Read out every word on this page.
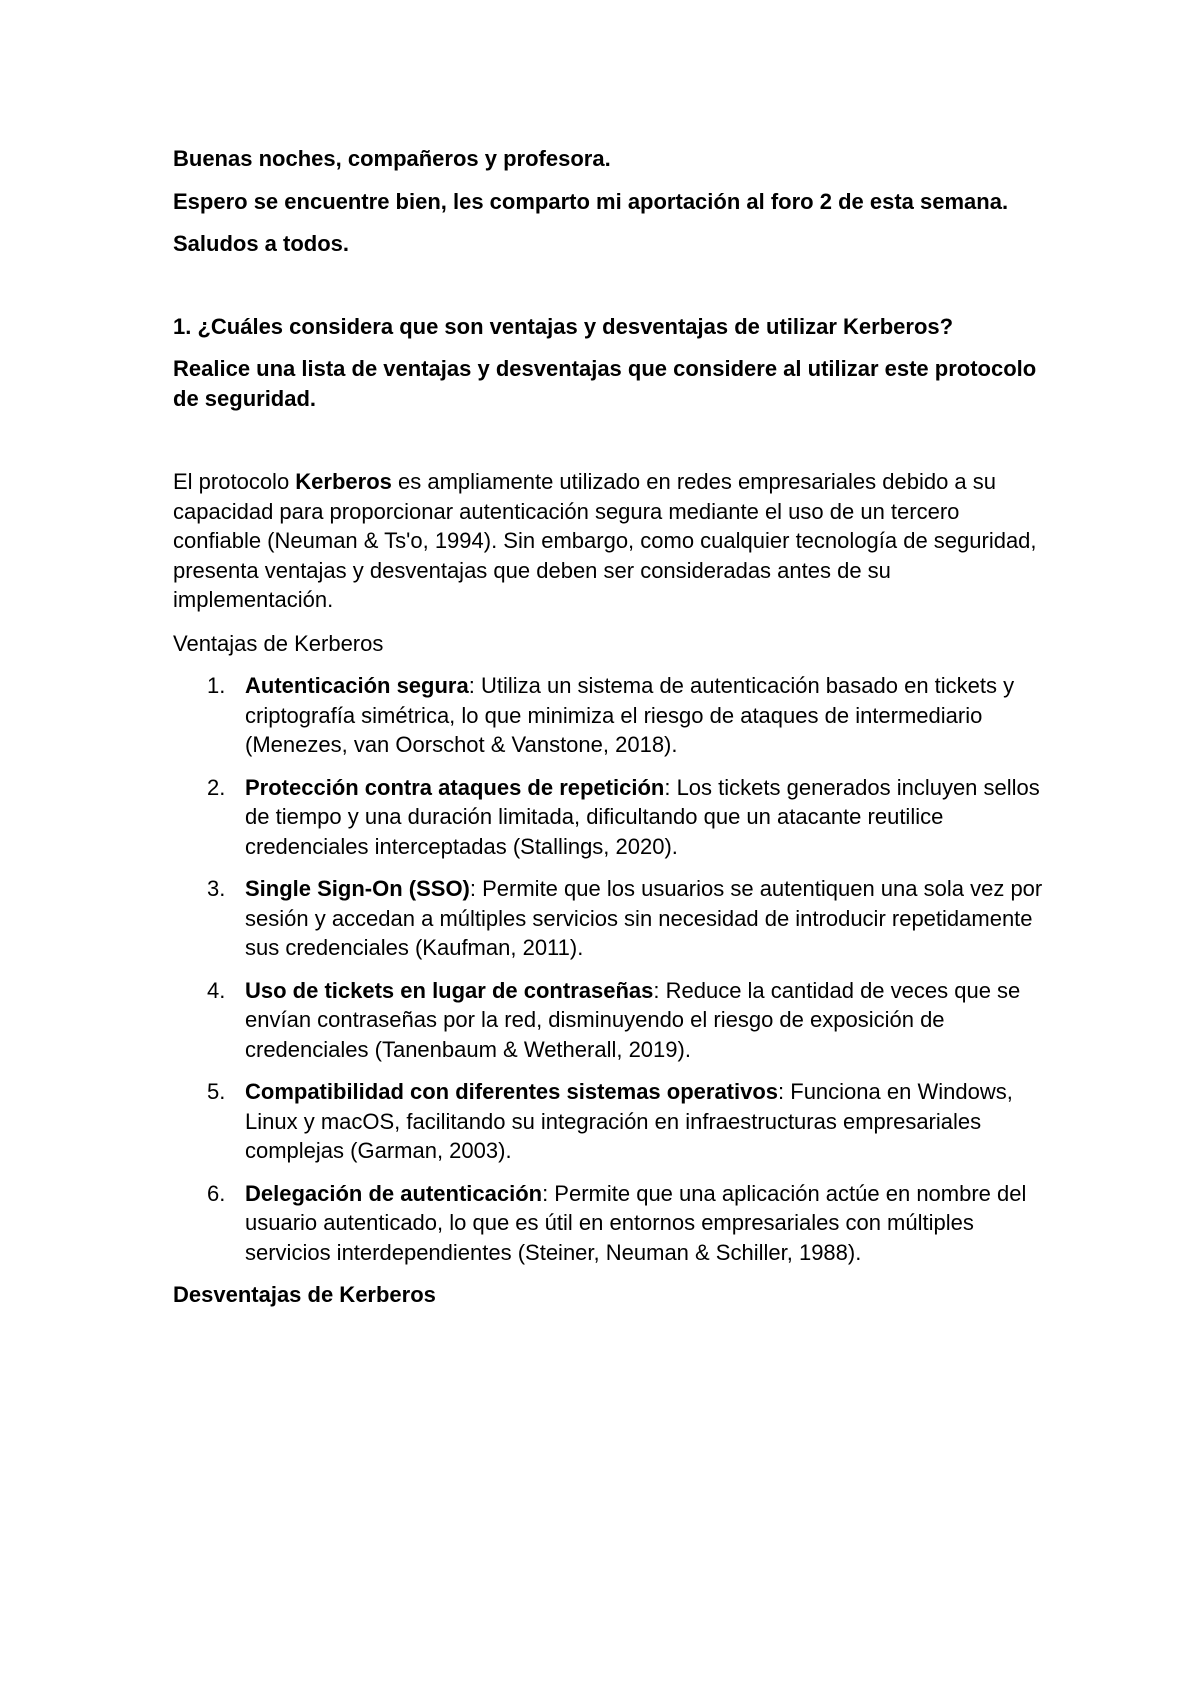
Buenas noches, compañeros y profesora.

Espero se encuentre bien, les comparto mi aportación al foro 2 de esta semana.

Saludos a todos.

1. ¿Cuáles considera que son ventajas y desventajas de utilizar Kerberos?

Realice una lista de ventajas y desventajas que considere al utilizar este protocolo de seguridad.

El protocolo Kerberos es ampliamente utilizado en redes empresariales debido a su capacidad para proporcionar autenticación segura mediante el uso de un tercero confiable (Neuman & Ts'o, 1994). Sin embargo, como cualquier tecnología de seguridad, presenta ventajas y desventajas que deben ser consideradas antes de su implementación.

Ventajas de Kerberos

1. Autenticación segura: Utiliza un sistema de autenticación basado en tickets y criptografía simétrica, lo que minimiza el riesgo de ataques de intermediario (Menezes, van Oorschot & Vanstone, 2018).
2. Protección contra ataques de repetición: Los tickets generados incluyen sellos de tiempo y una duración limitada, dificultando que un atacante reutilice credenciales interceptadas (Stallings, 2020).
3. Single Sign-On (SSO): Permite que los usuarios se autentiquen una sola vez por sesión y accedan a múltiples servicios sin necesidad de introducir repetidamente sus credenciales (Kaufman, 2011).
4. Uso de tickets en lugar de contraseñas: Reduce la cantidad de veces que se envían contraseñas por la red, disminuyendo el riesgo de exposición de credenciales (Tanenbaum & Wetherall, 2019).
5. Compatibilidad con diferentes sistemas operativos: Funciona en Windows, Linux y macOS, facilitando su integración en infraestructuras empresariales complejas (Garman, 2003).
6. Delegación de autenticación: Permite que una aplicación actúe en nombre del usuario autenticado, lo que es útil en entornos empresariales con múltiples servicios interdependientes (Steiner, Neuman & Schiller, 1988).

Desventajas de Kerberos
